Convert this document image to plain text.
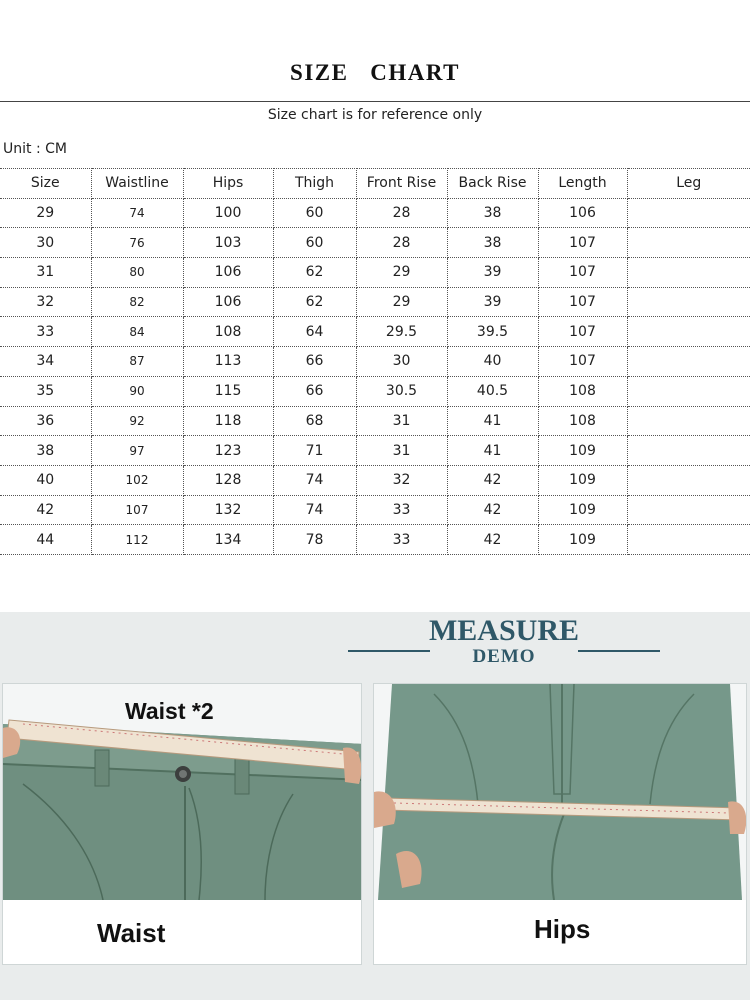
SIZE   CHART
Size chart is for reference only
Unit : CM
Size	Waistline	Hips	Thigh	Front Rise	Back Rise	Length	Leg
29	74	100	60	28	38	106	
30	76	103	60	28	38	107	
31	80	106	62	29	39	107	
32	82	106	62	29	39	107	
33	84	108	64	29.5	39.5	107	
34	87	113	66	30	40	107	
35	90	115	66	30.5	40.5	108	
36	92	118	68	31	41	108	
38	97	123	71	31	41	109	
40	102	128	74	32	42	109	
42	107	132	74	33	42	109	
44	112	134	78	33	42	109	
MEASURE
DEMO
Waist *2
Waist	Hips
